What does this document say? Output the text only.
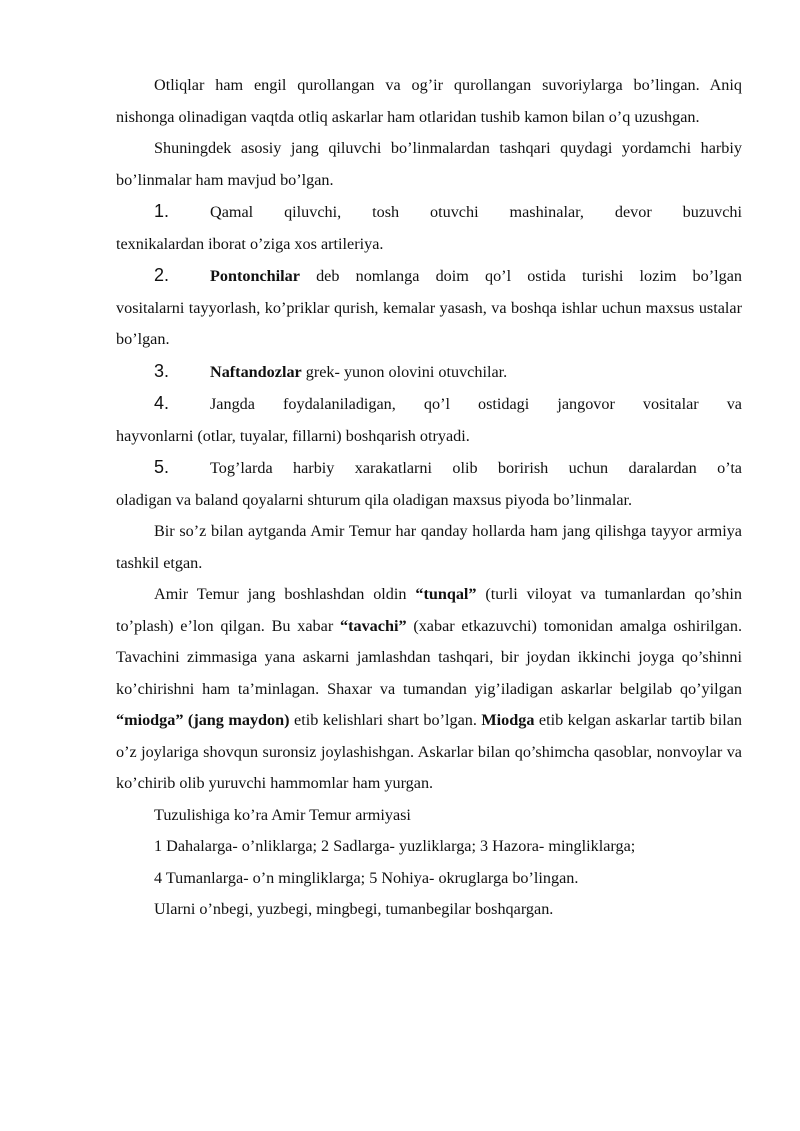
Otliqlar ham engil qurollangan va og’ir qurollangan suvoriylarga bo’lingan. Aniq nishonga olinadigan vaqtda otliq askarlar ham otlaridan tushib kamon bilan o’q uzushgan.

Shuningdek asosiy jang qiluvchi bo’linmalardan tashqari quydagi yordamchi harbiy bo’linmalar ham mavjud bo’lgan.

1.	Qamal qiluvchi, tosh otuvchi mashinalar, devor buzuvchi

texnikalardan iborat o’ziga xos artileriya.

2.	Pontonchilar deb nomlanga doim qo’l ostida turishi lozim bo’lgan

vositalarni tayyorlash, ko’priklar qurish, kemalar yasash, va boshqa ishlar uchun maxsus ustalar bo’lgan.

3.	Naftandozlar grek- yunon olovini otuvchilar.
4.	Jangda foydalaniladigan, qo’l ostidagi jangovor vositalar va

hayvonlarni (otlar, tuyalar, fillarni) boshqarish otryadi.

5.	Tog’larda harbiy xarakatlarni olib borirish uchun daralardan o’ta

oladigan va baland qoyalarni shturum qila oladigan maxsus piyoda bo’linmalar.

Bir so’z bilan aytganda Amir Temur har qanday hollarda ham jang qilishga tayyor armiya tashkil etgan.

Amir Temur jang boshlashdan oldin “tunqal” (turli viloyat va tumanlardan qo’shin to’plash) e’lon qilgan. Bu xabar “tavachi” (xabar etkazuvchi) tomonidan amalga oshirilgan. Tavachini zimmasiga yana askarni jamlashdan tashqari, bir joydan ikkinchi joyga qo’shinni ko’chirishni ham ta’minlagan. Shaxar va tumandan yig’iladigan askarlar belgilab qo’yilgan “miodga” (jang maydon) etib kelishlari shart bo’lgan. Miodga etib kelgan askarlar tartib bilan o’z joylariga shovqun suronsiz joylashishgan. Askarlar bilan qo’shimcha qasoblar, nonvoylar va ko’chirib olib yuruvchi hammomlar ham yurgan.

Tuzulishiga ko’ra Amir Temur armiyasi

1 Dahalarga- o’nliklarga; 2 Sadlarga- yuzliklarga; 3 Hazora- mingliklarga;

4 Tumanlarga- o’n mingliklarga; 5 Nohiya- okruglarga bo’lingan.

Ularni o’nbegi, yuzbegi, mingbegi, tumanbegilar boshqargan.
